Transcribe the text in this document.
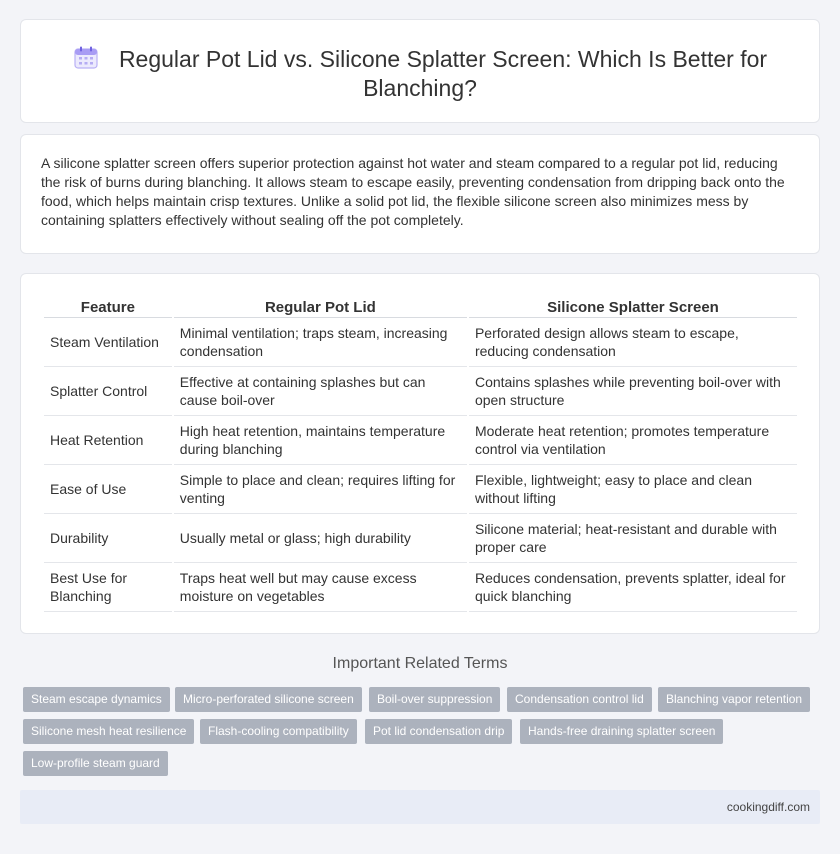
Regular Pot Lid vs. Silicone Splatter Screen: Which Is Better for Blanching?

A silicone splatter screen offers superior protection against hot water and steam compared to a regular pot lid, reducing the risk of burns during blanching. It allows steam to escape easily, preventing condensation from dripping back onto the food, which helps maintain crisp textures. Unlike a solid pot lid, the flexible silicone screen also minimizes mess by containing splatters effectively without sealing off the pot completely.

Feature	Regular Pot Lid	Silicone Splatter Screen
Steam Ventilation	Minimal ventilation; traps steam, increasing condensation	Perforated design allows steam to escape, reducing condensation
Splatter Control	Effective at containing splashes but can cause boil-over	Contains splashes while preventing boil-over with open structure
Heat Retention	High heat retention, maintains temperature during blanching	Moderate heat retention; promotes temperature control via ventilation
Ease of Use	Simple to place and clean; requires lifting for venting	Flexible, lightweight; easy to place and clean without lifting
Durability	Usually metal or glass; high durability	Silicone material; heat-resistant and durable with proper care
Best Use for Blanching	Traps heat well but may cause excess moisture on vegetables	Reduces condensation, prevents splatter, ideal for quick blanching
Important Related Terms
Steam escape dynamics	Micro-perforated silicone screen	Boil-over suppression	Condensation control lid	Blanching vapor retention
Silicone mesh heat resilience	Flash-cooling compatibility	Pot lid condensation drip	Hands-free draining splatter screen
Low-profile steam guard
cookingdiff.com
